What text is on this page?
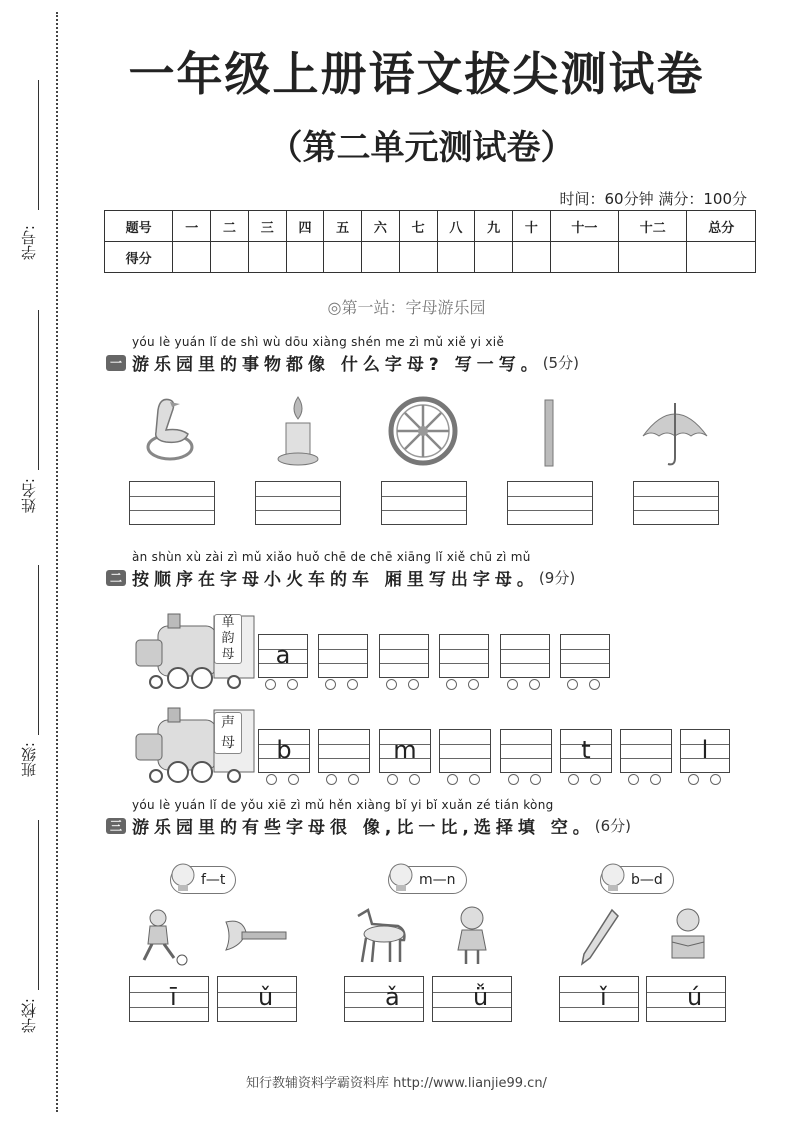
学号:
姓名:
班级:
学校:
一年级上册语文拔尖测试卷
（第二单元测试卷）
时间：60分钟 满分：100分
题号	一	二	三	四	五	六	七	八	九	十	十一	十二	总分
得分													
◎第一站：字母游乐园
yóu lè yuán lǐ de shì wù dōu xiàng shén me zì mǔ xiě yi xiě
一 游乐园里的事物都像 什么字母? 写一写。 (5分)
àn shùn xù zài zì mǔ xiǎo huǒ chē de chē xiāng lǐ xiě chū zì mǔ
二 按顺序在字母小火车的车 厢里写出字母。 (9分)
单
韵
母	a
声
母	b	m	t	l
yóu lè yuán lǐ de yǒu xiē zì mǔ hěn xiàng bǐ yi bǐ xuǎn zé tián kòng
三 游乐园里的有些字母很 像,比一比,选择填 空。 (6分)
f—t	m—n	b—d
ī	ǔ	ǎ	ǚ	ǐ	ú
知行教辅资料学霸资料库 http://www.lianjie99.cn/
